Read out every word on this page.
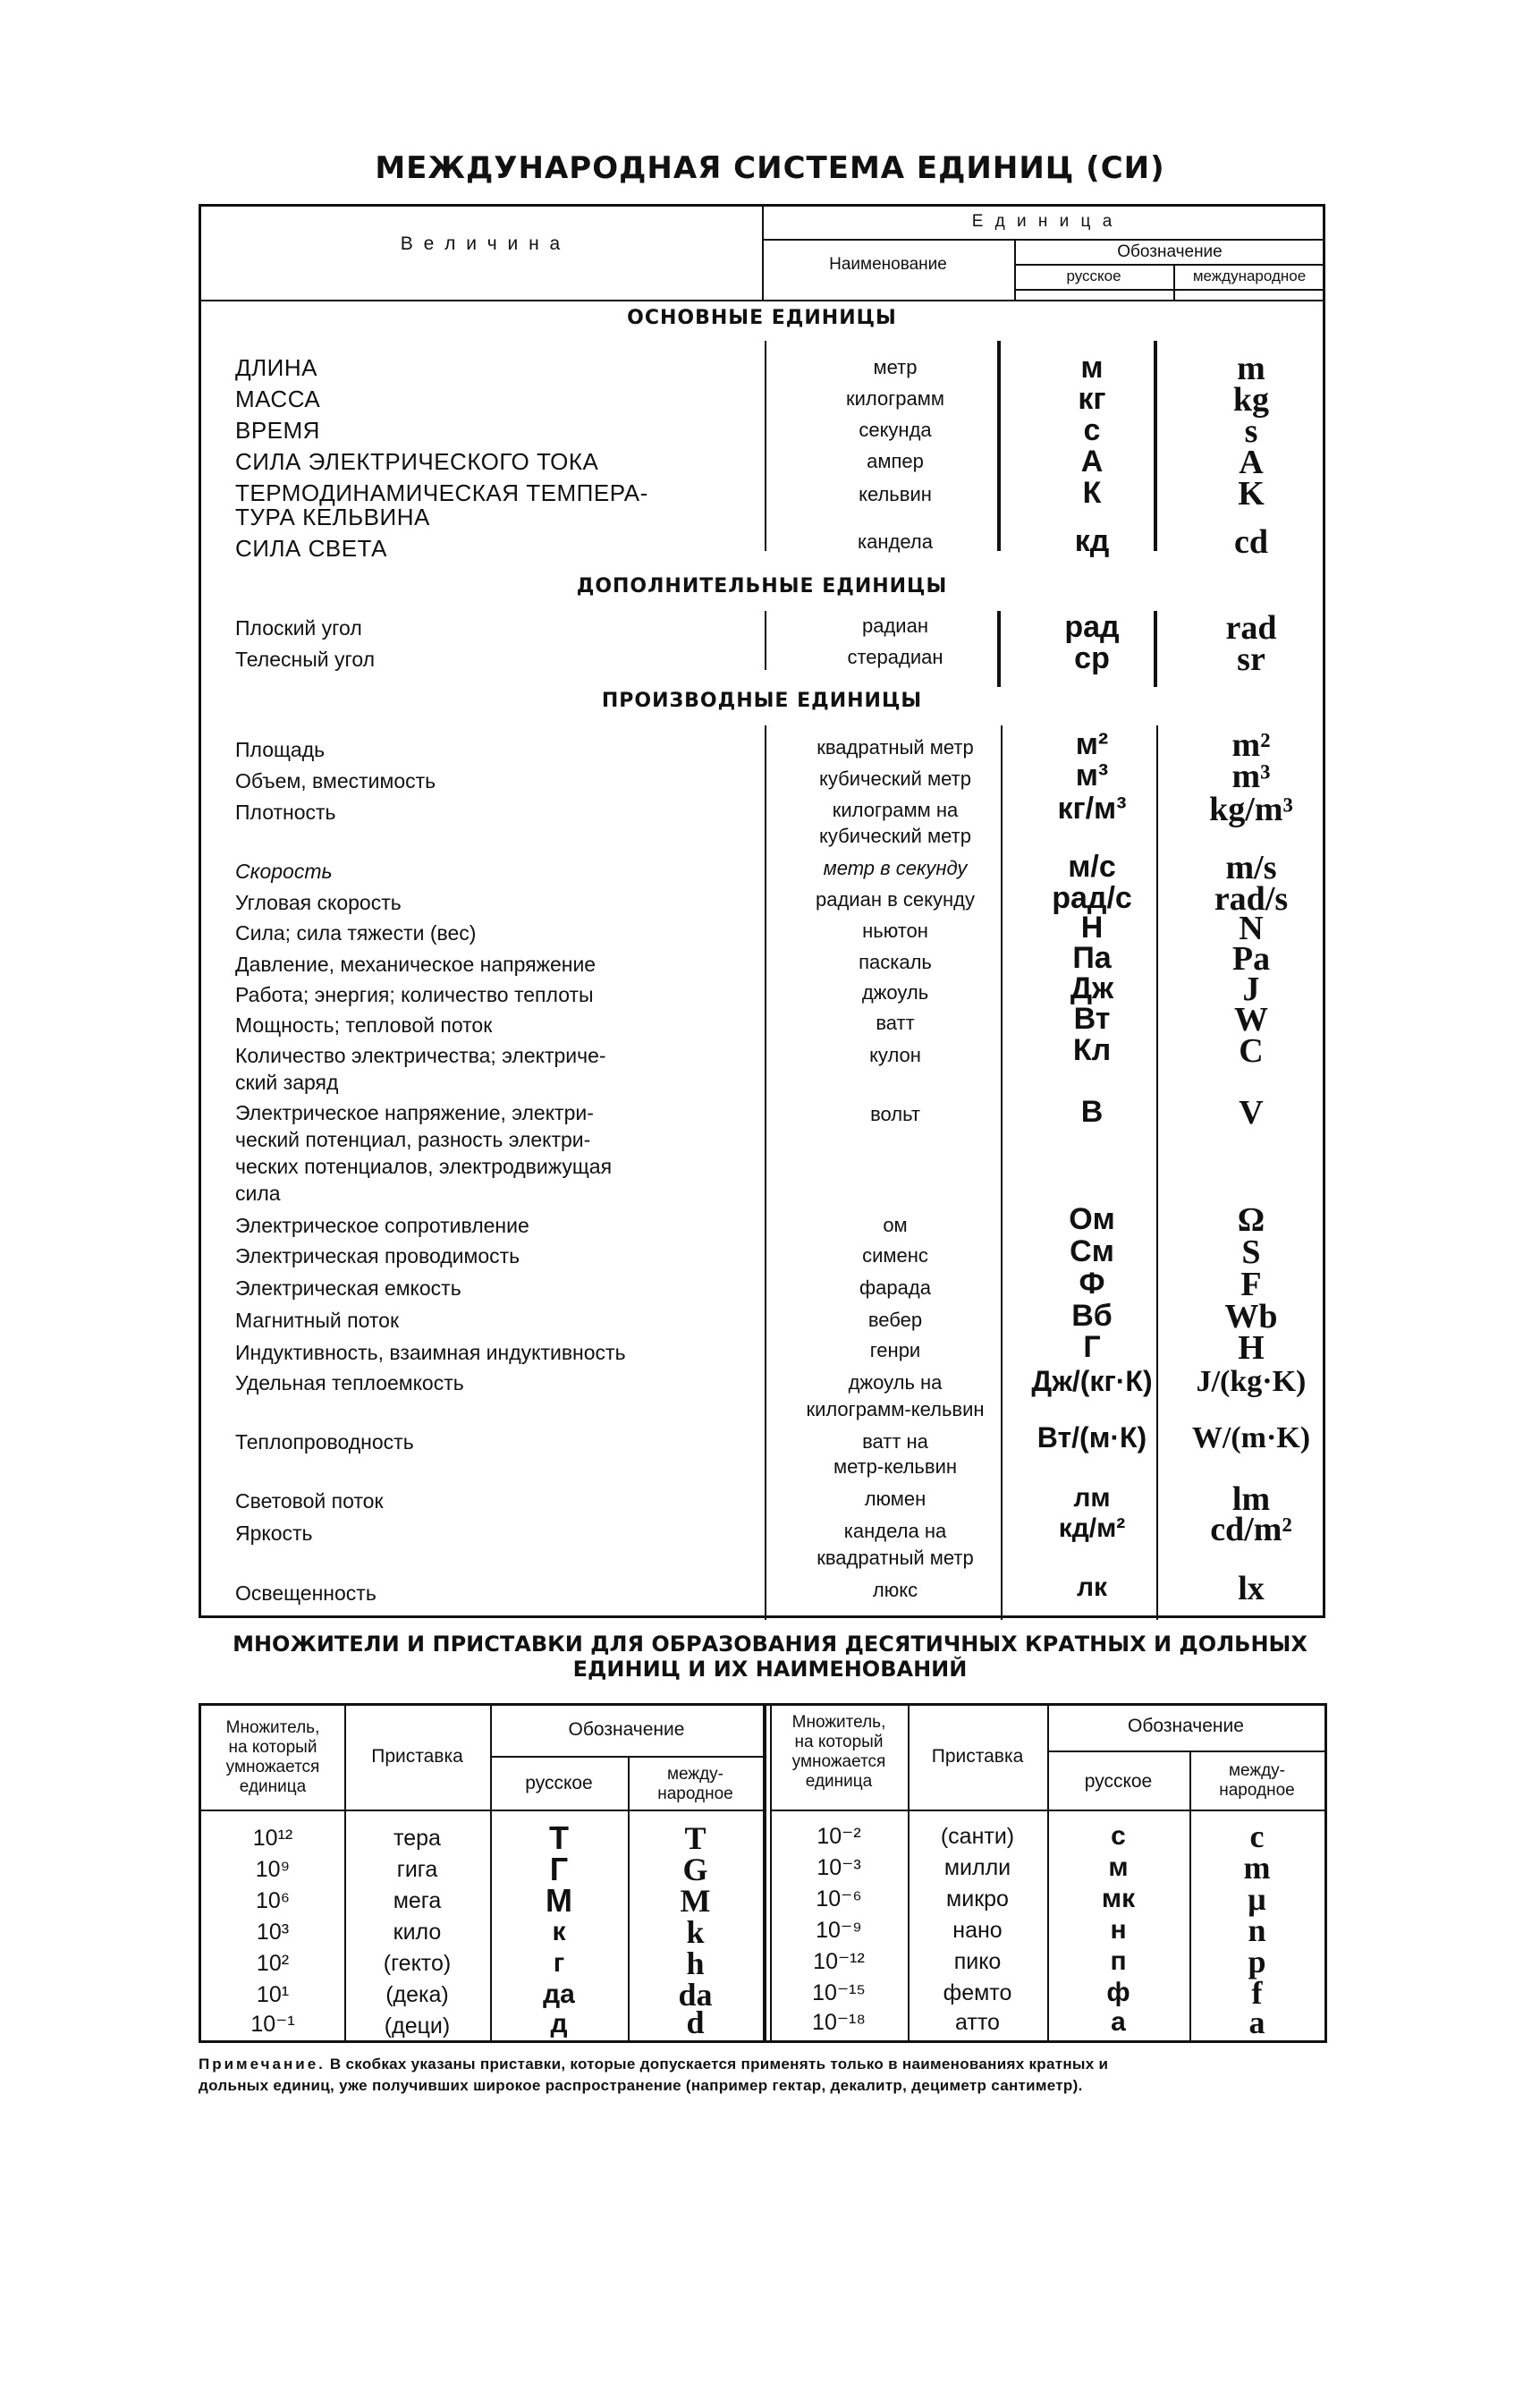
МЕЖДУНАРОДНАЯ СИСТЕМА ЕДИНИЦ (СИ)
В е л и ч и н а
Е д и н и ц а
Наименование
Обозначение
русское	международное
ОСНОВНЫЕ ЕДИНИЦЫ
ДОПОЛНИТЕЛЬНЫЕ ЕДИНИЦЫ
ПРОИЗВОДНЫЕ ЕДИНИЦЫ
ДЛИНА	метр	м	m
МАССА	килограмм	кг	kg
ВРЕМЯ	секунда	с	s
СИЛА ЭЛЕКТРИЧЕСКОГО ТОКА	ампер	А	A
ТЕРМОДИНАМИЧЕСКАЯ ТЕМПЕРА-
ТУРА КЕЛЬВИНА
кельвин	К	K
СИЛА СВЕТА	кандела	кд	cd
Плоский угол	радиан	рад	rad
Телесный угол	стерадиан	ср	sr
Площадь	квадратный метр	м²	m²
Объем, вместимость	кубический метр	м³	m³
Плотность	килограмм на
кубический метр
кг/м³	kg/m³
Скорость	метр в секунду	м/с	m/s
Угловая скорость	радиан в секунду	рад/с	rad/s
Сила; сила тяжести (вес)	ньютон	Н	N
Давление, механическое напряжение	паскаль	Па	Pa
Работа; энергия; количество теплоты	джоуль	Дж	J
Мощность; тепловой поток	ватт	Вт	W
Количество электричества; электриче-
ский заряд
кулон	Кл	C
Электрическое напряжение, электри-
ческий потенциал, разность электри-
ческих потенциалов, электродвижущая
сила
вольт	В	V
Электрическое сопротивление	ом	Ом	Ω
Электрическая проводимость	сименс	См	S
Электрическая емкость	фарада	Ф	F
Магнитный поток	вебер	Вб	Wb
Индуктивность, взаимная индуктивность	генри	Г	H
Удельная теплоемкость	джоуль на
килограмм-кельвин
Дж/(кг·К)	J/(kg·K)
Теплопроводность	ватт на
метр-кельвин
Вт/(м·К)	W/(m·K)
Световой поток	люмен	лм	lm
Яркость	кандела на
квадратный метр
кд/м²	cd/m²
Освещенность	люкс	лк	lx
МНОЖИТЕЛИ И ПРИСТАВКИ ДЛЯ ОБРАЗОВАНИЯ ДЕСЯТИЧНЫХ КРАТНЫХ И ДОЛЬНЫХ
ЕДИНИЦ И ИХ НАИМЕНОВАНИЙ
Множитель,
на который
умножается
единица
Приставка
Обозначение
русское	между-
народное
Множитель,
на который
умножается
единица
Приставка
Обозначение
русское
между-
народное
10¹²	тера	Т	T
10⁹	гига	Г	G
10⁶	мега	М	M
10³	кило	к	k
10²	(гекто)	г	h
10¹	(дека)	да	da
10⁻¹	(деци)	д	d
10⁻²	(санти)	с	c
10⁻³	милли	м	m
10⁻⁶	микро	мк	μ
10⁻⁹	нано	н	n
10⁻¹²	пико	п	p
10⁻¹⁵	фемто	ф	f
10⁻¹⁸	атто	а	a
Примечание. В скобках указаны приставки, которые допускается применять только в наименованиях кратных и
дольных единиц, уже получивших широкое распространение (например гектар, декалитр, дециметр сантиметр).
